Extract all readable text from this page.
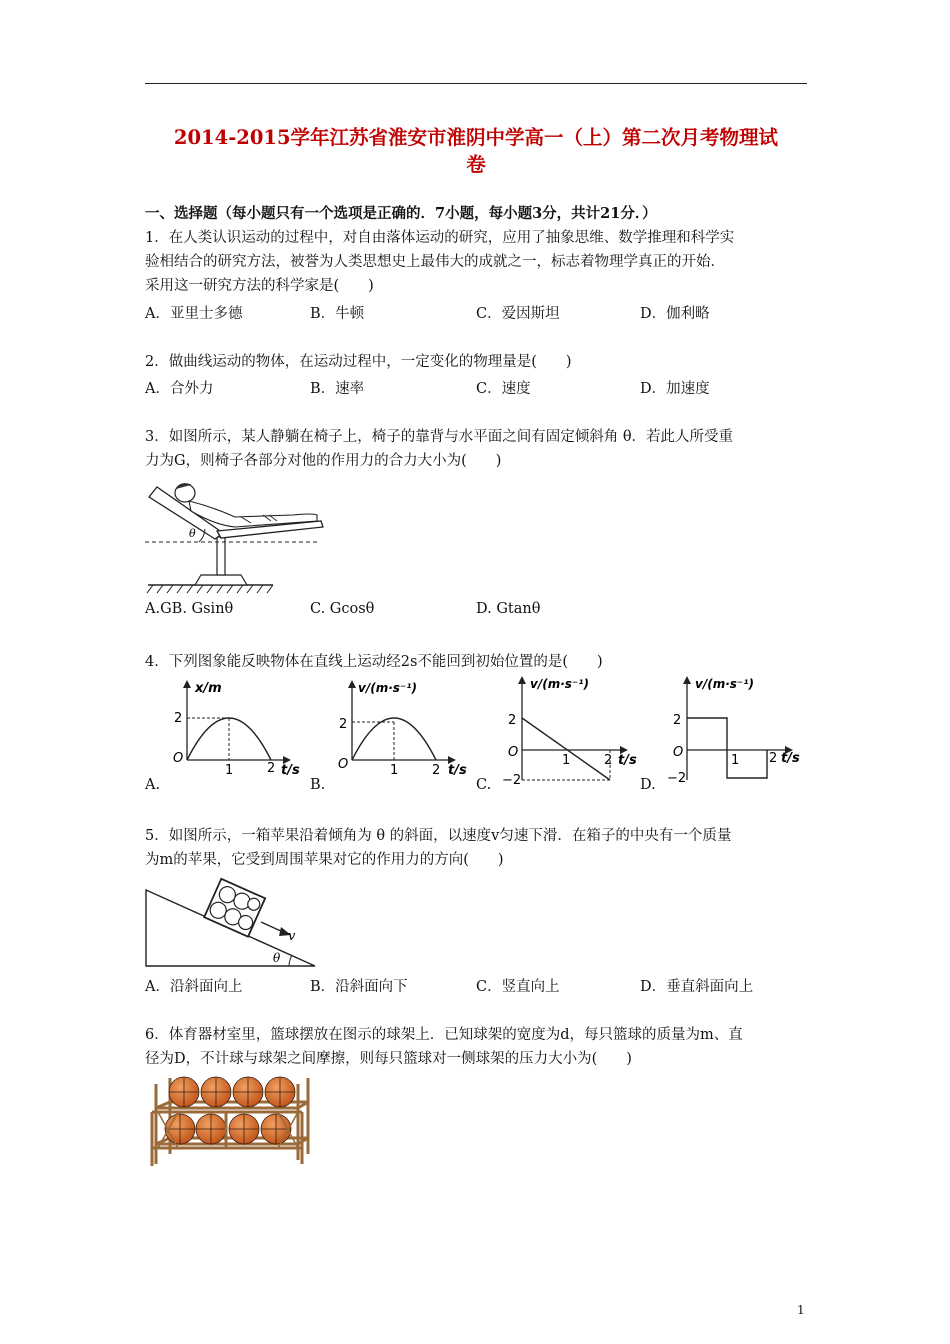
2014-2015学年江苏省淮安市淮阴中学高一（上）第二次月考物理试
卷
一、选择题（每小题只有一个选项是正确的．7小题，每小题3分，共计21分．）
1．在人类认识运动的过程中，对自由落体运动的研究，应用了抽象思维、数学推理和科学实
验相结合的研究方法，被誉为人类思想史上最伟大的成就之一，标志着物理学真正的开始．
采用这一研究方法的科学家是(　　)
A．亚里士多德	B．牛顿	C．爱因斯坦	D．伽利略
2．做曲线运动的物体，在运动过程中，一定变化的物理量是(　　)
A．合外力	B．速率	C．速度	D．加速度
3．如图所示，某人静躺在椅子上，椅子的靠背与水平面之间有固定倾斜角 θ．若此人所受重
力为G，则椅子各部分对他的作用力的合力大小为(　　)
θ
A.GB. Gsinθ	C. Gcosθ	D. Gtanθ
4．下列图象能反映物体在直线上运动经2s不能回到初始位置的是(　　)
x/m
2
O
1	2 t/s
v/(m·s⁻¹)
2
O	1	2 t/s
v/(m·s⁻¹)
2
O
−2
1	2 t/s
v/(m·s⁻¹)
2
O
−2
1 2 t/s
A.	B.	C.	D.
5．如图所示，一箱苹果沿着倾角为 θ 的斜面，以速度v匀速下滑．在箱子的中央有一个质量
为m的苹果，它受到周围苹果对它的作用力的方向(　　)
v
θ
A．沿斜面向上	B．沿斜面向下	C．竖直向上	D．垂直斜面向上
6．体育器材室里，篮球摆放在图示的球架上．已知球架的宽度为d，每只篮球的质量为m、直
径为D，不计球与球架之间摩擦，则每只篮球对一侧球架的压力大小为(　　)
1
